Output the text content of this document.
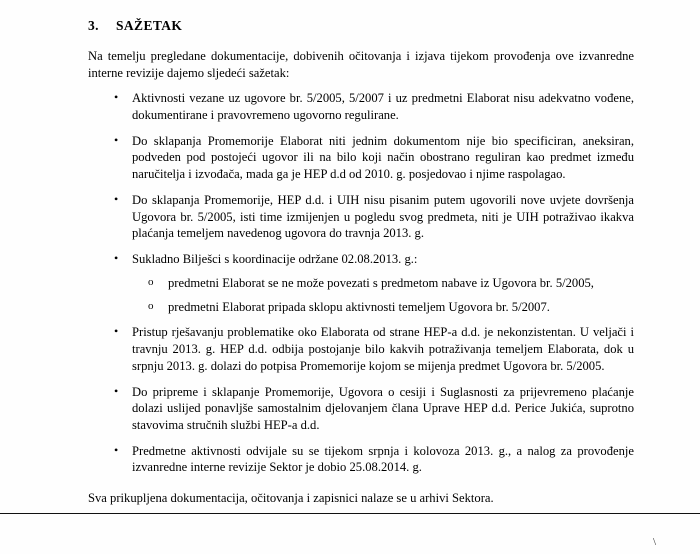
3. SAŽETAK

Na temelju pregledane dokumentacije, dobivenih očitovanja i izjava tijekom provođenja ove izvanredne interne revizije dajemo sljedeći sažetak:

• Aktivnosti vezane uz ugovore br. 5/2005, 5/2007 i uz predmetni Elaborat nisu adekvatno vođene, dokumentirane i pravovremeno ugovorno regulirane.
• Do sklapanja Promemorije Elaborat niti jednim dokumentom nije bio specificiran, aneksiran, podveden pod postojeći ugovor ili na bilo koji način obostrano reguliran kao predmet između naručitelja i izvođača, mada ga je HEP d.d od 2010. g. posjedovao i njime raspolagao.
• Do sklapanja Promemorije, HEP d.d. i UIH nisu pisanim putem ugovorili nove uvjete dovršenja Ugovora br. 5/2005, isti time izmijenjen u pogledu svog predmeta, niti je UIH potraživao ikakva plaćanja temeljem navedenog ugovora do travnja 2013. g.
• Sukladno Bilješci s koordinacije održane 02.08.2013. g.:
o predmetni Elaborat se ne može povezati s predmetom nabave iz Ugovora br. 5/2005,
o predmetni Elaborat pripada sklopu aktivnosti temeljem Ugovora br. 5/2007.
• Pristup rješavanju problematike oko Elaborata od strane HEP-a d.d. je nekonzistentan. U veljači i travnju 2013. g. HEP d.d. odbija postojanje bilo kakvih potraživanja temeljem Elaborata, dok u srpnju 2013. g. dolazi do potpisa Promemorije kojom se mijenja predmet Ugovora br. 5/2005.
• Do pripreme i sklapanje Promemorije, Ugovora o cesiji i Suglasnosti za prijevremeno plaćanje dolazi uslijed ponavljše samostalnim djelovanjem člana Uprave HEP d.d. Perice Jukića, suprotno stavovima stručnih službi HEP-a d.d.
• Predmetne aktivnosti odvijale su se tijekom srpnja i kolovoza 2013. g., a nalog za provođenje izvanredne interne revizije Sektor je dobio 25.08.2014. g.

Sva prikupljena dokumentacija, očitovanja i zapisnici nalaze se u arhivi Sektora.

\
